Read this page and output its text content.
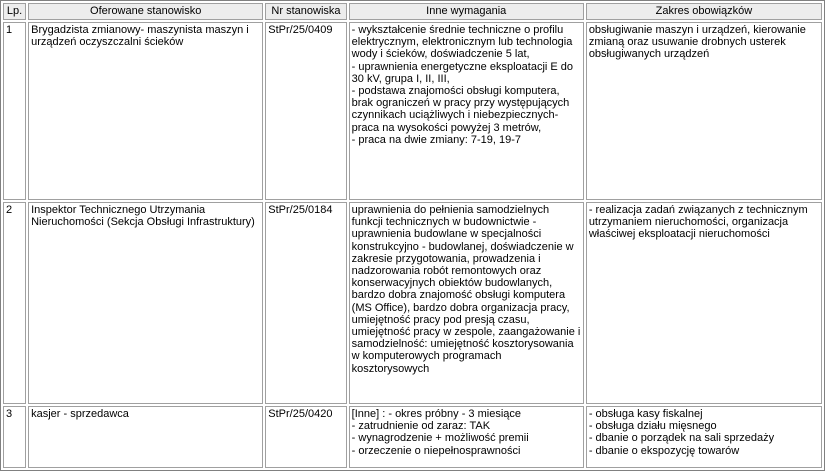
Lp.	Oferowane stanowisko	Nr stanowiska	Inne wymagania	Zakres obowiązków
1	Brygadzista zmianowy- maszynista maszyn i urządzeń oczyszczalni ścieków	StPr/25/0409	- wykształcenie średnie techniczne o profilu elektrycznym, elektronicznym lub technologia wody i ścieków, doświadczenie 5 lat,
- uprawnienia energetyczne eksploatacji E do 30 kV, grupa I, II, III,
- podstawa znajomości obsługi komputera, brak ograniczeń w pracy przy występujących czynnikach uciążliwych i niebezpiecznych- praca na wysokości powyżej 3 metrów,
- praca na dwie zmiany: 7-19, 19-7	obsługiwanie maszyn i urządzeń, kierowanie zmianą oraz usuwanie drobnych usterek obsługiwanych urządzeń
2	Inspektor Technicznego Utrzymania Nieruchomości (Sekcja Obsługi Infrastruktury)	StPr/25/0184	uprawnienia do pełnienia samodzielnych funkcji technicznych w budownictwie - uprawnienia budowlane w specjalności konstrukcyjno - budowlanej, doświadczenie w zakresie przygotowania, prowadzenia i nadzorowania robót remontowych oraz konserwacyjnych obiektów budowlanych, bardzo dobra znajomość obsługi komputera (MS Office), bardzo dobra organizacja pracy, umiejętność pracy pod presją czasu, umiejętność pracy w zespole, zaangażowanie i samodzielność: umiejętność kosztorysowania w komputerowych programach kosztorysowych	- realizacja zadań związanych z technicznym utrzymaniem nieruchomości, organizacja właściwej eksploatacji nieruchomości
3	kasjer - sprzedawca	StPr/25/0420	[Inne] : - okres próbny - 3 miesiące
- zatrudnienie od zaraz: TAK
- wynagrodzenie + możliwość premii
- orzeczenie o niepełnosprawności	- obsługa kasy fiskalnej
- obsługa działu mięsnego
- dbanie o porządek na sali sprzedaży
- dbanie o ekspozycję towarów
